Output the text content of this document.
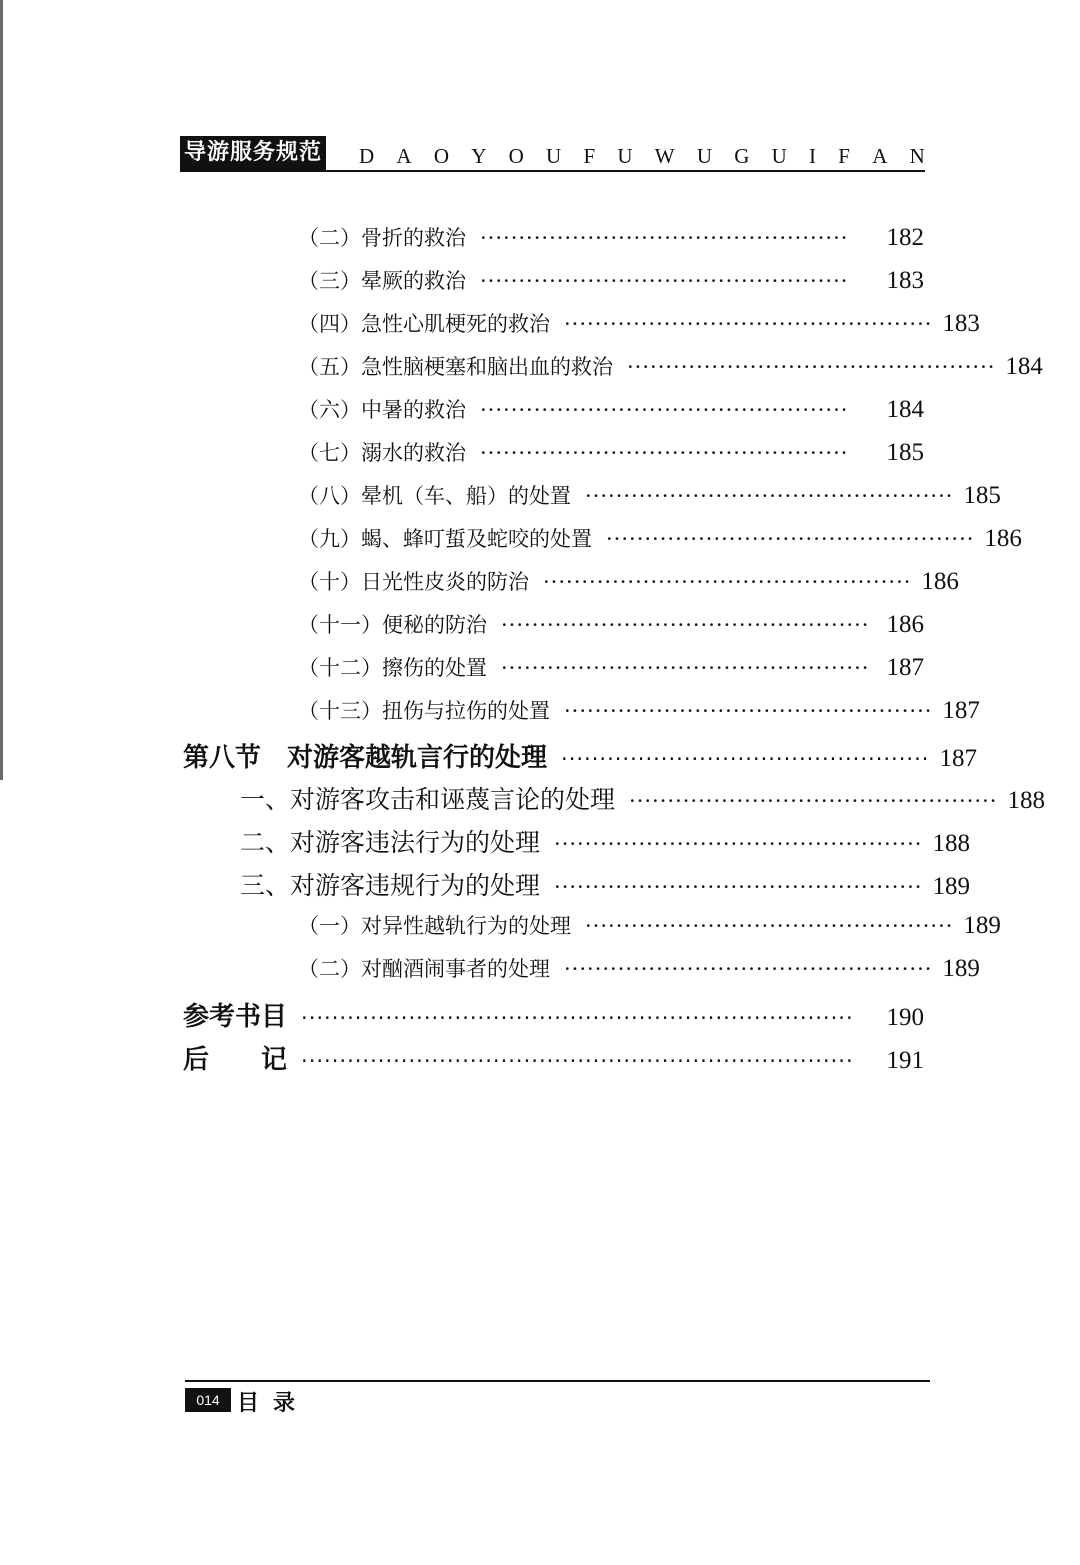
导游服务规范 D A O Y O U F U W U G U I F A N
（二）骨折的救治 ················································	182
（三）晕厥的救治 ················································	183
（四）急性心肌梗死的救治 ················································ 183
（五）急性脑梗塞和脑出血的救治 ················································ 184
（六）中暑的救治 ················································	184
（七）溺水的救治 ················································	185
（八）晕机（车、船）的处置 ················································ 185
（九）蝎、蜂叮蜇及蛇咬的处置 ················································ 186
（十）日光性皮炎的防治 ················································ 186
（十一）便秘的防治 ················································ 186
（十二）擦伤的处置 ················································ 187
（十三）扭伤与拉伤的处置 ················································ 187
第八节　对游客越轨言行的处理 ················································ 187
一、对游客攻击和诬蔑言论的处理 ················································ 188
二、对游客违法行为的处理 ················································ 188
三、对游客违规行为的处理 ················································ 189
（一）对异性越轨行为的处理 ················································ 189
（二）对酗酒闹事者的处理 ················································ 189
参考书目 ········································································	190
后　　记 ········································································	191
014 目录
